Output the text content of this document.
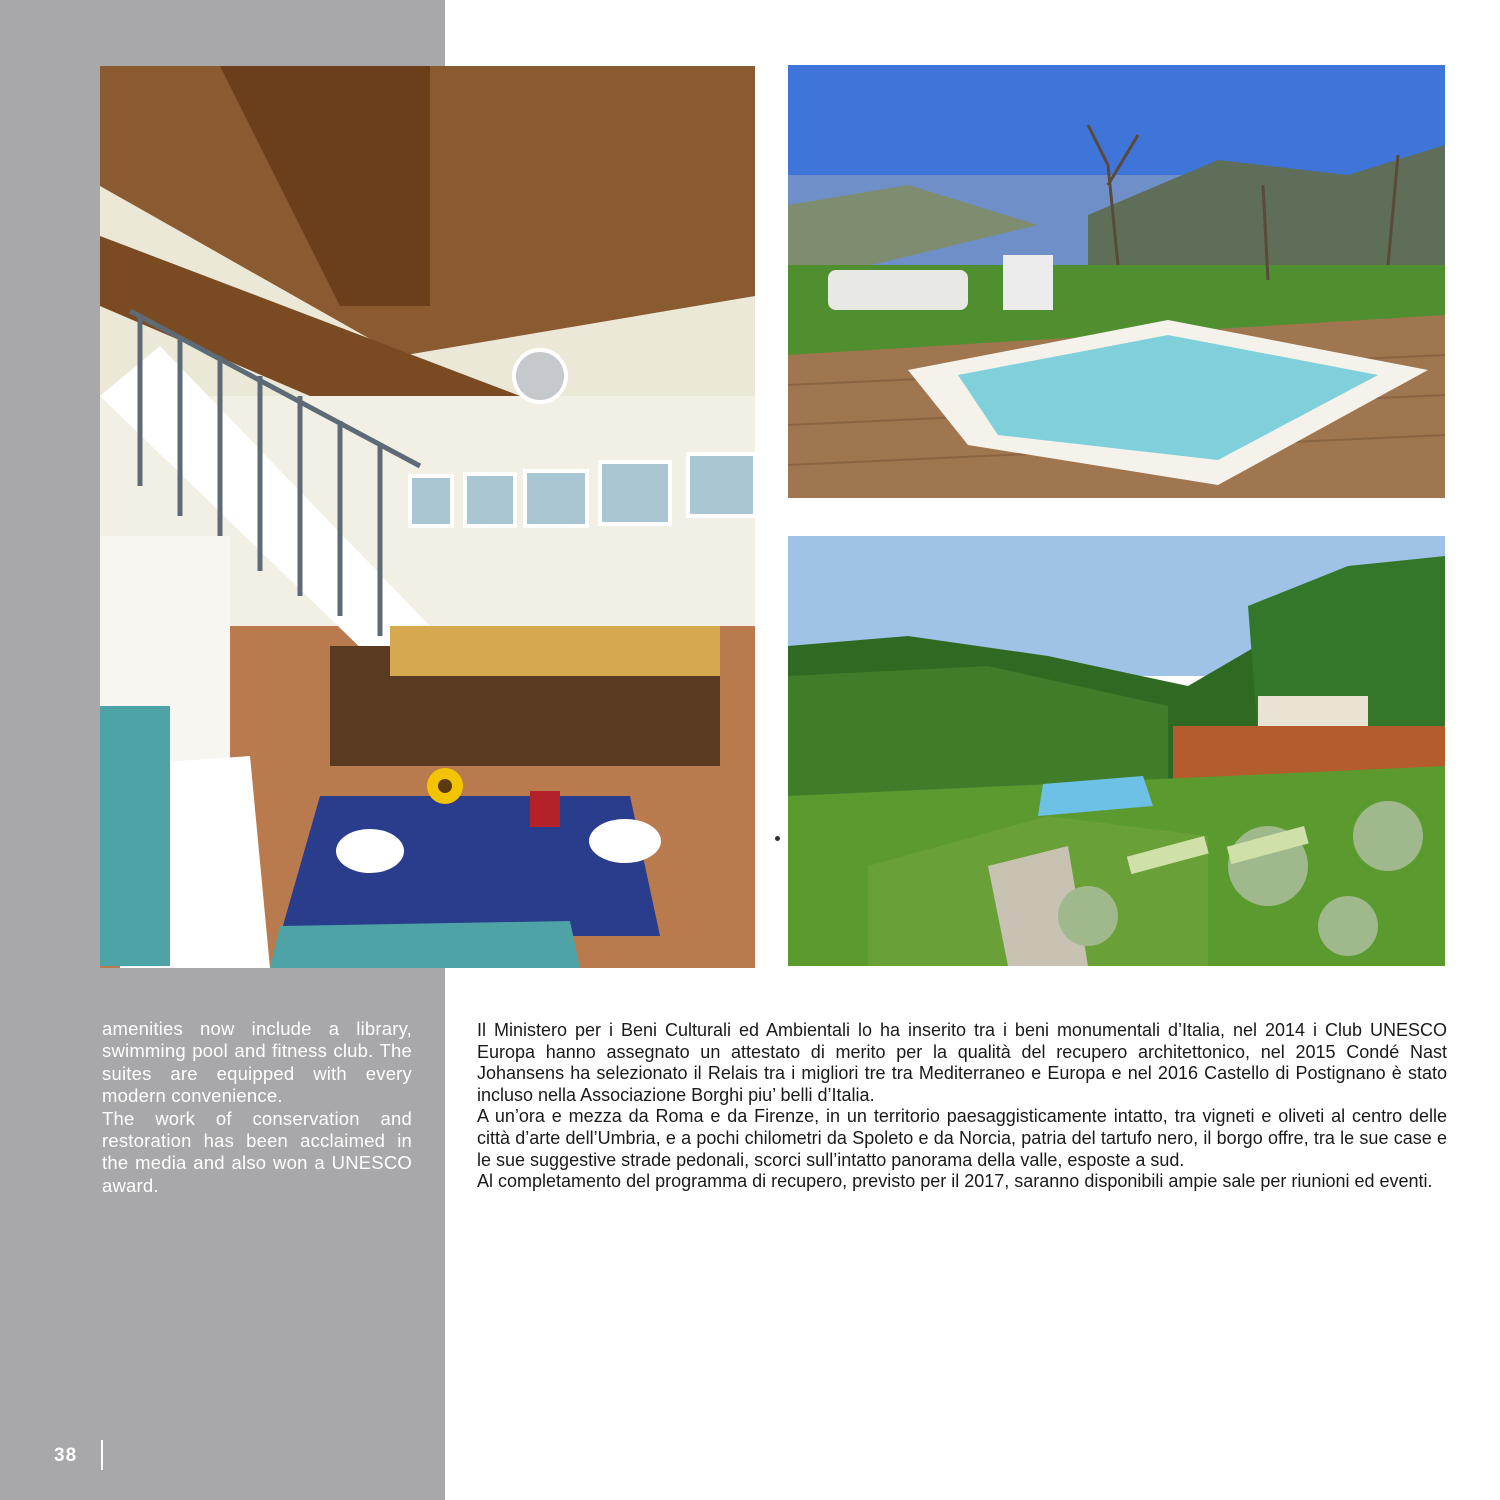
amenities now include a library, swimming pool and fitness club. The suites are equipped with every modern convenience.

The work of conservation and restoration has been acclaimed in the media and also won a UNESCO award.

Il Ministero per i Beni Culturali ed Ambientali lo ha inserito tra i beni monumentali d’Italia, nel 2014 i Club UNESCO Europa hanno assegnato un attestato di merito per la qualità del recupero architettonico, nel 2015 Condé Nast Johansens ha selezionato il Relais tra i migliori tre tra Mediterraneo e Europa e nel 2016 Castello di Postignano è stato incluso nella Associazione Borghi piu’ belli d’Italia.

A un’ora e mezza da Roma e da Firenze, in un territorio paesaggisticamente intatto, tra vigneti e oliveti al centro delle città d’arte dell’Umbria, e a pochi chilometri da Spoleto e da Norcia, patria del tartufo nero, il borgo offre, tra le sue case e le sue suggestive strade pedonali, scorci sull’intatto panorama della valle, esposte a sud.

Al completamento del programma di recupero, previsto per il 2017, saranno disponibili ampie sale per riunioni ed eventi.

38
